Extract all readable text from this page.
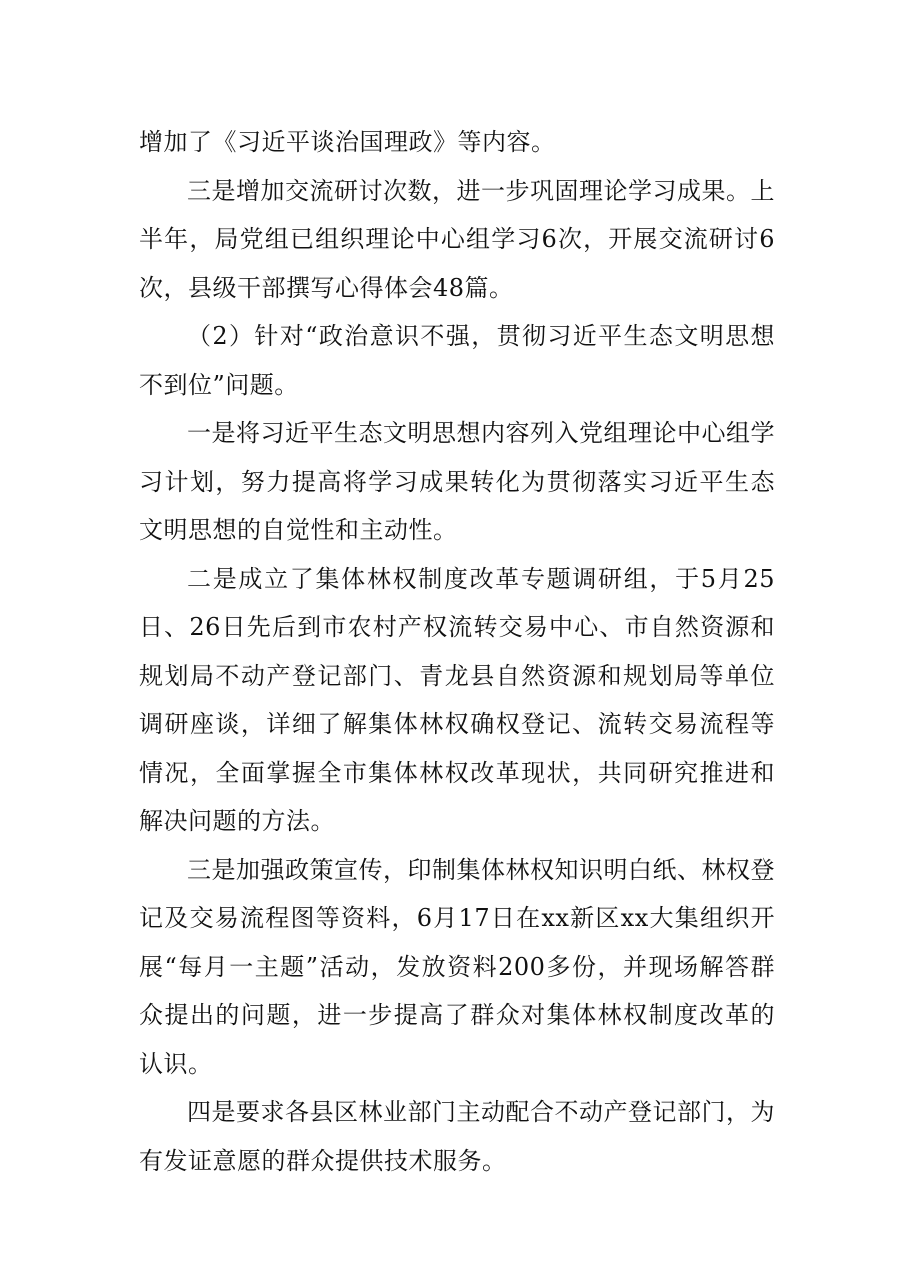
增加了《习近平谈治国理政》等内容。

三是增加交流研讨次数，进一步巩固理论学习成果。上半年，局党组已组织理论中心组学习6次，开展交流研讨6次，县级干部撰写心得体会48篇。

（2）针对“政治意识不强，贯彻习近平生态文明思想不到位”问题。

一是将习近平生态文明思想内容列入党组理论中心组学习计划，努力提高将学习成果转化为贯彻落实习近平生态文明思想的自觉性和主动性。

二是成立了集体林权制度改革专题调研组，于5月25日、26日先后到市农村产权流转交易中心、市自然资源和规划局不动产登记部门、青龙县自然资源和规划局等单位调研座谈，详细了解集体林权确权登记、流转交易流程等情况，全面掌握全市集体林权改革现状，共同研究推进和解决问题的方法。

三是加强政策宣传，印制集体林权知识明白纸、林权登记及交易流程图等资料，6月17日在xx新区xx大集组织开展“每月一主题”活动，发放资料200多份，并现场解答群众提出的问题，进一步提高了群众对集体林权制度改革的认识。

四是要求各县区林业部门主动配合不动产登记部门，为有发证意愿的群众提供技术服务。
